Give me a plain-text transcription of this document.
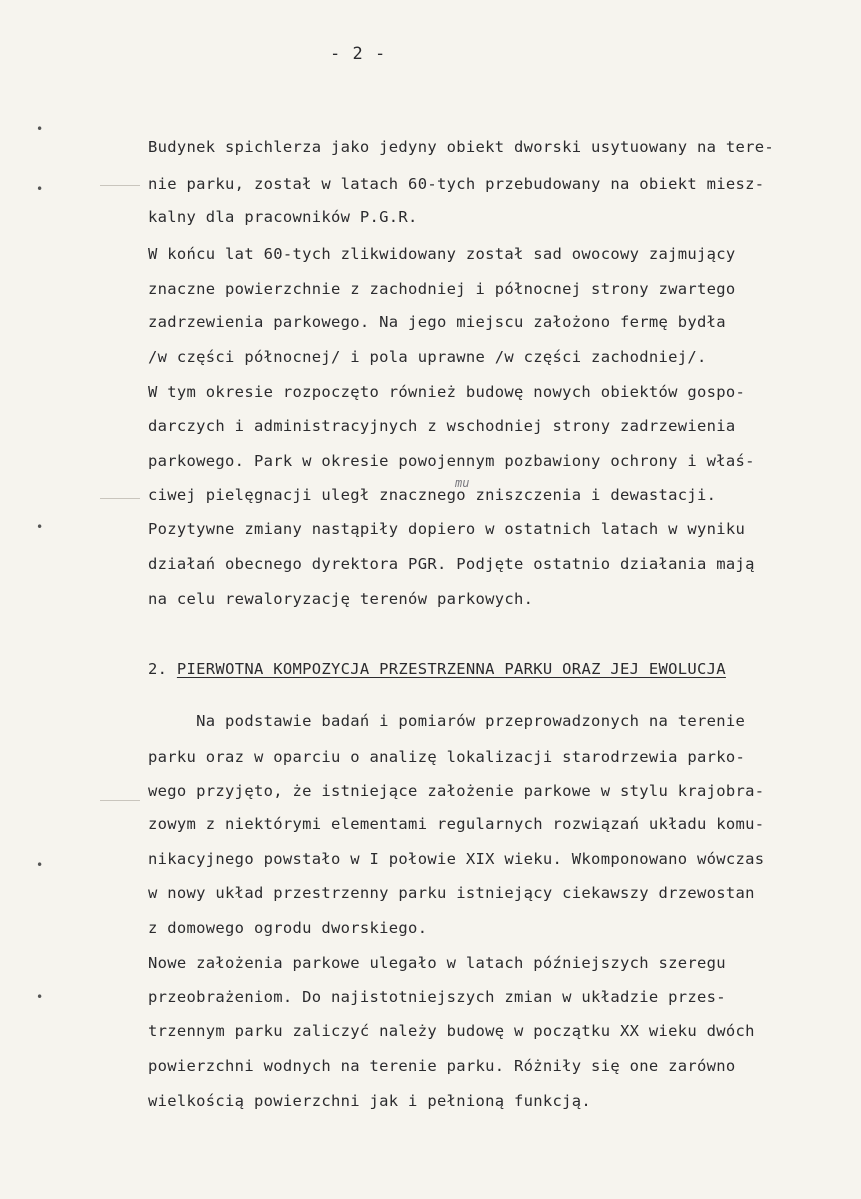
- 2 -
Budynek spichlerza jako jedyny obiekt dworski usytuowany na tere-
nie parku, został w latach 60-tych przebudowany na obiekt miesz-
kalny dla pracowników P.G.R.
W końcu lat 60-tych zlikwidowany został sad owocowy zajmujący
znaczne powierzchnie z zachodniej i północnej strony zwartego
zadrzewienia parkowego. Na jego miejscu założono fermę bydła
/w części północnej/ i pola uprawne /w części zachodniej/.
W tym okresie rozpoczęto również budowę nowych obiektów gospo-
darczych i administracyjnych z wschodniej strony zadrzewienia
parkowego. Park w okresie powojennym pozbawiony ochrony i właś-
ciwej pielęgnacji uległ znacznego zniszczenia i dewastacji.
Pozytywne zmiany nastąpiły dopiero w ostatnich latach w wyniku
działań obecnego dyrektora PGR. Podjęte ostatnio działania mają
na celu rewaloryzację terenów parkowych.
2. PIERWOTNA KOMPOZYCJA PRZESTRZENNA PARKU ORAZ JEJ EWOLUCJA
Na podstawie badań i pomiarów przeprowadzonych na terenie
parku oraz w oparciu o analizę lokalizacji starodrzewia parko-
wego przyjęto, że istniejące założenie parkowe w stylu krajobra-
zowym z niektórymi elementami regularnych rozwiązań układu komu-
nikacyjnego powstało w I połowie XIX wieku. Wkomponowano wówczas
w nowy układ przestrzenny parku istniejący ciekawszy drzewostan
z domowego ogrodu dworskiego.
Nowe założenia parkowe ulegało w latach późniejszych szeregu
przeobrażeniom. Do najistotniejszych zmian w układzie przes-
trzennym parku zaliczyć należy budowę w początku XX wieku dwóch
powierzchni wodnych na terenie parku. Różniły się one zarówno
wielkością powierzchni jak i pełnioną funkcją.
mu
•
•
•
•
•
